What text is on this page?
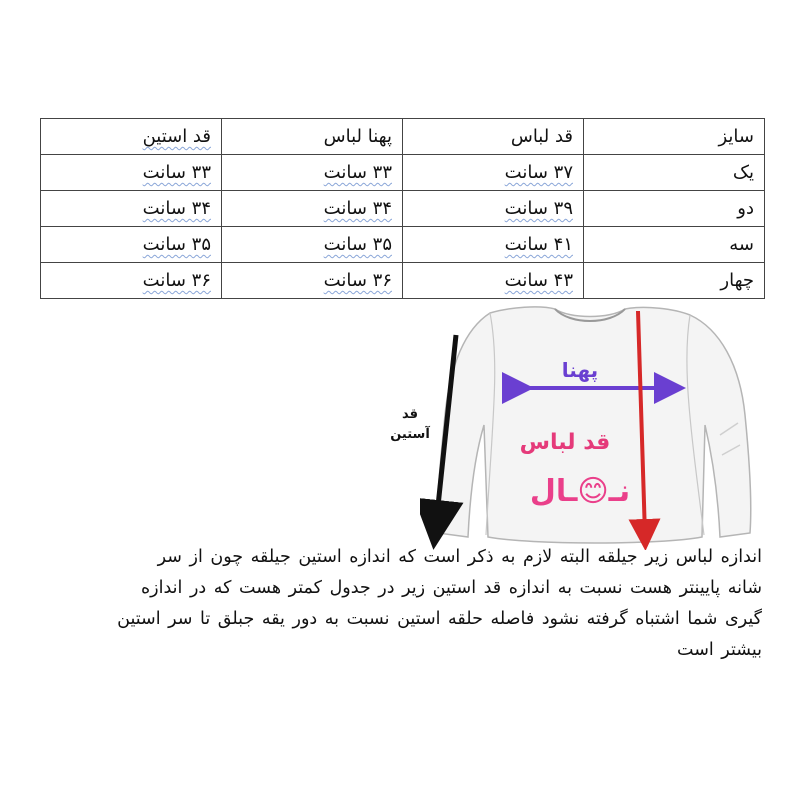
سایز	قد لباس	پهنا لباس	قد استین
یک	۳۷ سانت	۳۳ سانت	۳۳ سانت
دو	۳۹ سانت	۳۴ سانت	۳۴ سانت
سه	۴۱ سانت	۳۵ سانت	۳۵ سانت
چهار	۴۳ سانت	۳۶ سانت	۳۶ سانت
قد
آستین
پهنا
قد لباس
نـ😊ـال
اندازه لباس زیر جیلقه البته لازم به ذکر است که اندازه استین جیلقه چون از سر
شانه پایینتر هست نسبت به اندازه قد استین زیر در جدول کمتر هست که در اندازه
گیری شما اشتباه گرفته نشود فاصله حلقه استین نسبت به دور یقه جبلق تا سر استین
بیشتر است
